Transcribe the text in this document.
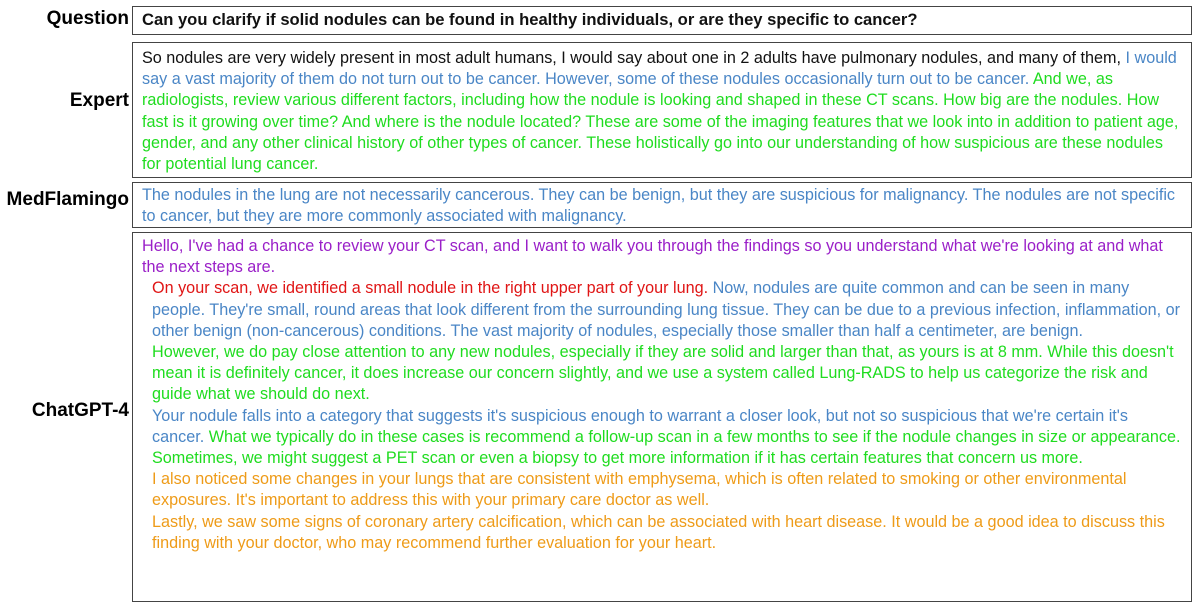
Question Can you clarify if solid nodules can be found in healthy individuals, or are they specific to cancer?
Expert
So nodules are very widely present in most adult humans, I would say about one in 2 adults have pulmonary nodules, and many of them, I would say a vast majority of them do not turn out to be cancer. However, some of these nodules occasionally turn out to be cancer. And we, as radiologists, review various different factors, including how the nodule is looking and shaped in these CT scans. How big are the nodules. How fast is it growing over time? And where is the nodule located? These are some of the imaging features that we look into in addition to patient age, gender, and any other clinical history of other types of cancer. These holistically go into our understanding of how suspicious are these nodules for potential lung cancer.
MedFlamingo The nodules in the lung are not necessarily cancerous. They can be benign, but they are suspicious for malignancy. The nodules are not specific to cancer, but they are more commonly associated with malignancy.
ChatGPT-4
Hello, I've had a chance to review your CT scan, and I want to walk you through the findings so you understand what we're looking at and what the next steps are.
On your scan, we identified a small nodule in the right upper part of your lung. Now, nodules are quite common and can be seen in many people. They're small, round areas that look different from the surrounding lung tissue. They can be due to a previous infection, inflammation, or other benign (non-cancerous) conditions. The vast majority of nodules, especially those smaller than half a centimeter, are benign.
However, we do pay close attention to any new nodules, especially if they are solid and larger than that, as yours is at 8 mm. While this doesn't mean it is definitely cancer, it does increase our concern slightly, and we use a system called Lung-RADS to help us categorize the risk and guide what we should do next.
Your nodule falls into a category that suggests it's suspicious enough to warrant a closer look, but not so suspicious that we're certain it's cancer. What we typically do in these cases is recommend a follow-up scan in a few months to see if the nodule changes in size or appearance. Sometimes, we might suggest a PET scan or even a biopsy to get more information if it has certain features that concern us more.
I also noticed some changes in your lungs that are consistent with emphysema, which is often related to smoking or other environmental exposures. It's important to address this with your primary care doctor as well.
Lastly, we saw some signs of coronary artery calcification, which can be associated with heart disease. It would be a good idea to discuss this finding with your doctor, who may recommend further evaluation for your heart.
